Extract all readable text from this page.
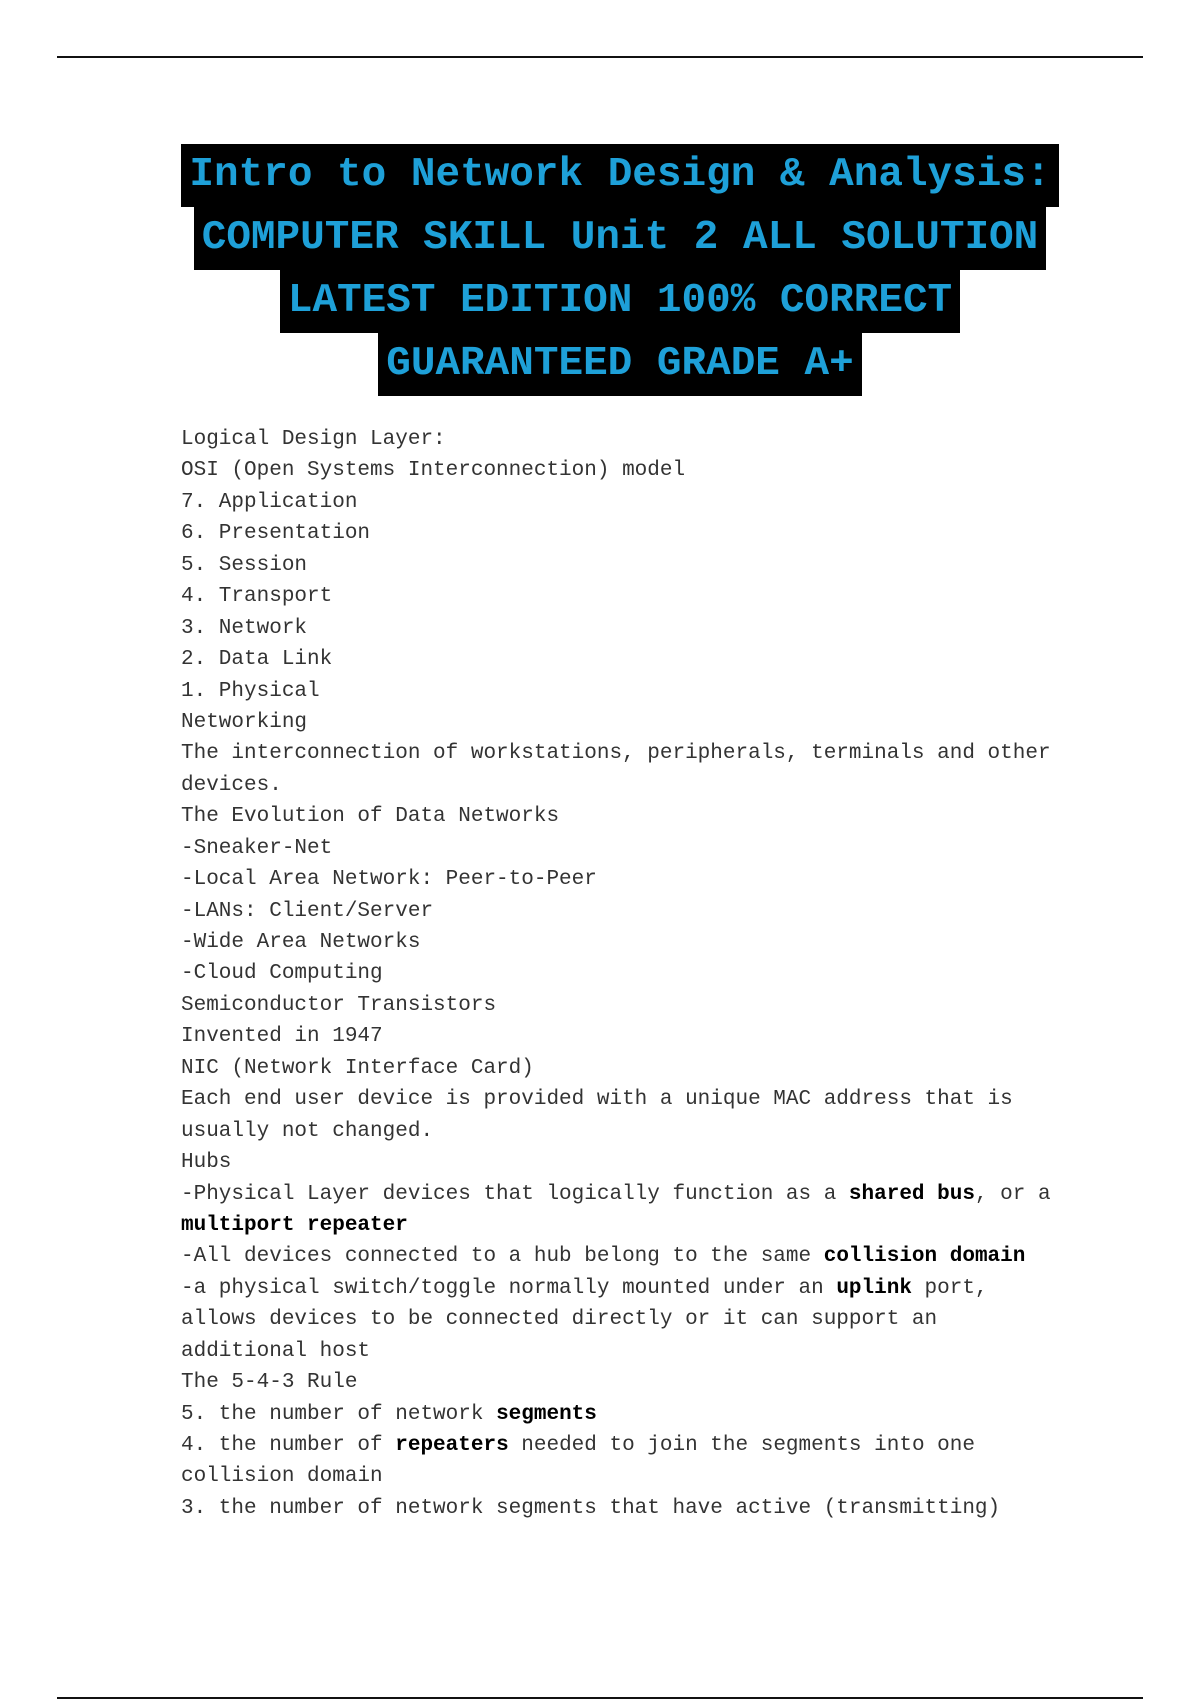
Intro to Network Design & Analysis:
COMPUTER SKILL Unit 2 ALL SOLUTION
LATEST EDITION 100% CORRECT
GUARANTEED GRADE A+
Logical Design Layer:
OSI (Open Systems Interconnection) model
7. Application
6. Presentation
5. Session
4. Transport
3. Network
2. Data Link
1. Physical
Networking
The interconnection of workstations, peripherals, terminals and other
devices.
The Evolution of Data Networks
-Sneaker-Net
-Local Area Network: Peer-to-Peer
-LANs: Client/Server
-Wide Area Networks
-Cloud Computing
Semiconductor Transistors
Invented in 1947
NIC (Network Interface Card)
Each end user device is provided with a unique MAC address that is
usually not changed.
Hubs
-Physical Layer devices that logically function as a shared bus, or a
multiport repeater
-All devices connected to a hub belong to the same collision domain
-a physical switch/toggle normally mounted under an uplink port,
allows devices to be connected directly or it can support an
additional host
The 5-4-3 Rule
5. the number of network segments
4. the number of repeaters needed to join the segments into one
collision domain
3. the number of network segments that have active (transmitting)
